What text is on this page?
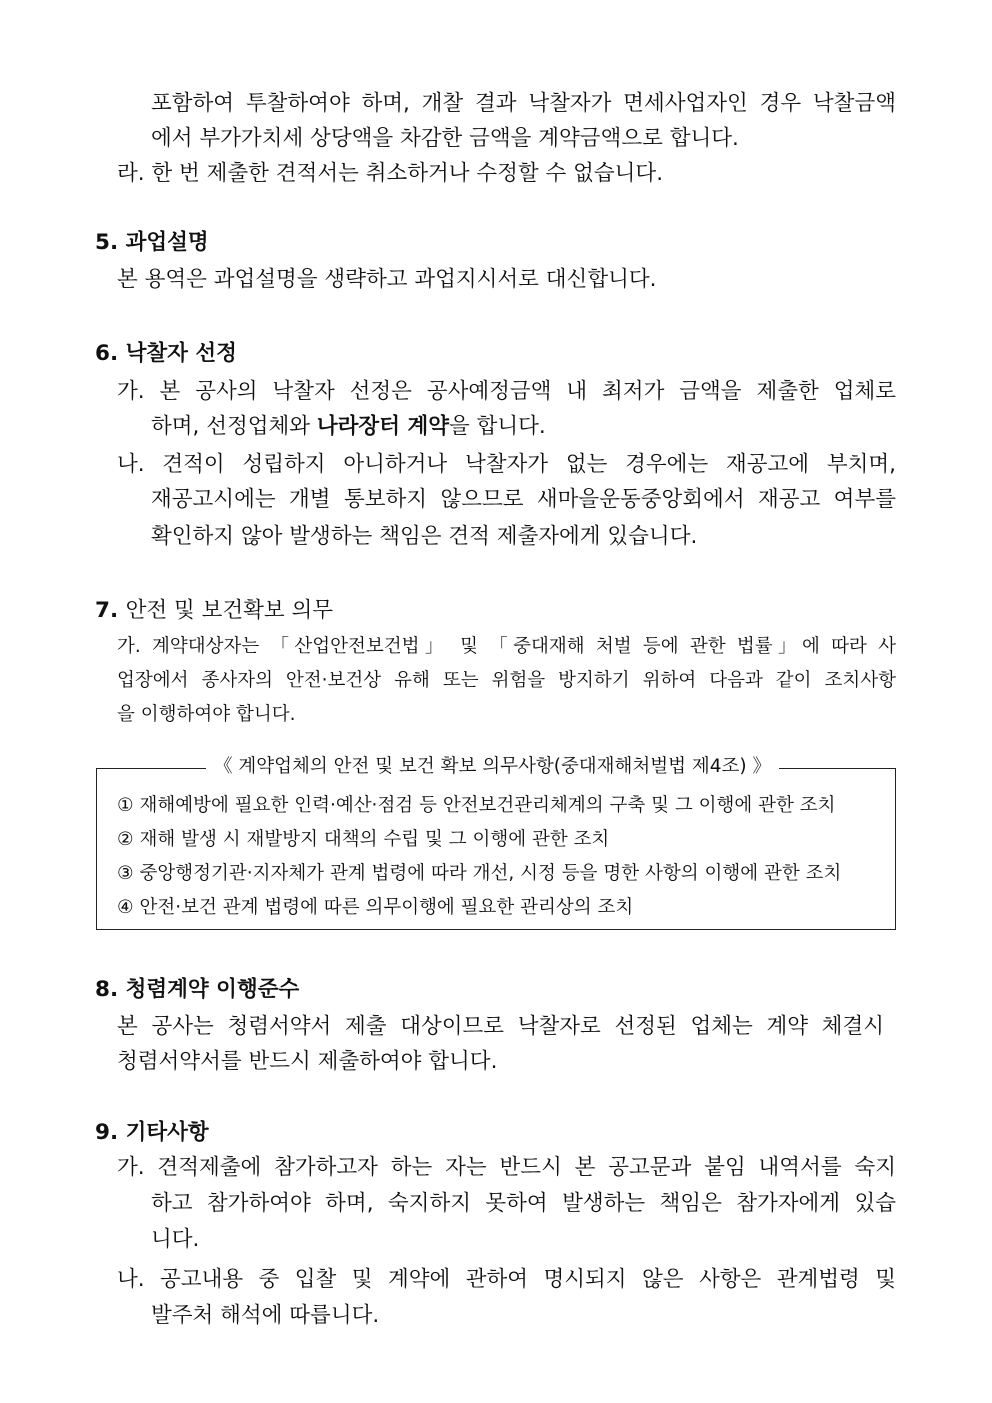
포함하여 투찰하여야 하며, 개찰 결과 낙찰자가 면세사업자인 경우 낙찰금액
에서 부가가치세 상당액을 차감한 금액을 계약금액으로 합니다.
라. 한 번 제출한 견적서는 취소하거나 수정할 수 없습니다.
5. 과업설명
본 용역은 과업설명을 생략하고 과업지시서로 대신합니다.
6. 낙찰자 선정
가. 본 공사의 낙찰자 선정은 공사예정금액 내 최저가 금액을 제출한 업체로
하며, 선정업체와 나라장터 계약을 합니다.
나. 견적이 성립하지 아니하거나 낙찰자가 없는 경우에는 재공고에 부치며,
재공고시에는 개별 통보하지 않으므로 새마을운동중앙회에서 재공고 여부를
확인하지 않아 발생하는 책임은 견적 제출자에게 있습니다.
7. 안전 및 보건확보 의무
가. 계약대상자는 「산업안전보건법」 및 「중대재해 처벌 등에 관한 법률」에 따라 사
업장에서 종사자의 안전·보건상 유해 또는 위험을 방지하기 위하여 다음과 같이 조치사항
을 이행하여야 합니다.
《 계약업체의 안전 및 보건 확보 의무사항(중대재해처벌법 제4조) 》
① 재해예방에 필요한 인력·예산·점검 등 안전보건관리체계의 구축 및 그 이행에 관한 조치
② 재해 발생 시 재발방지 대책의 수립 및 그 이행에 관한 조치
③ 중앙행정기관·지자체가 관계 법령에 따라 개선, 시정 등을 명한 사항의 이행에 관한 조치
④ 안전·보건 관계 법령에 따른 의무이행에 필요한 관리상의 조치
8. 청렴계약 이행준수
본 공사는 청렴서약서 제출 대상이므로 낙찰자로 선정된 업체는 계약 체결시
청렴서약서를 반드시 제출하여야 합니다.
9. 기타사항
가. 견적제출에 참가하고자 하는 자는 반드시 본 공고문과 붙임 내역서를 숙지
하고 참가하여야 하며, 숙지하지 못하여 발생하는 책임은 참가자에게 있습
니다.
나. 공고내용 중 입찰 및 계약에 관하여 명시되지 않은 사항은 관계법령 및
발주처 해석에 따릅니다.
